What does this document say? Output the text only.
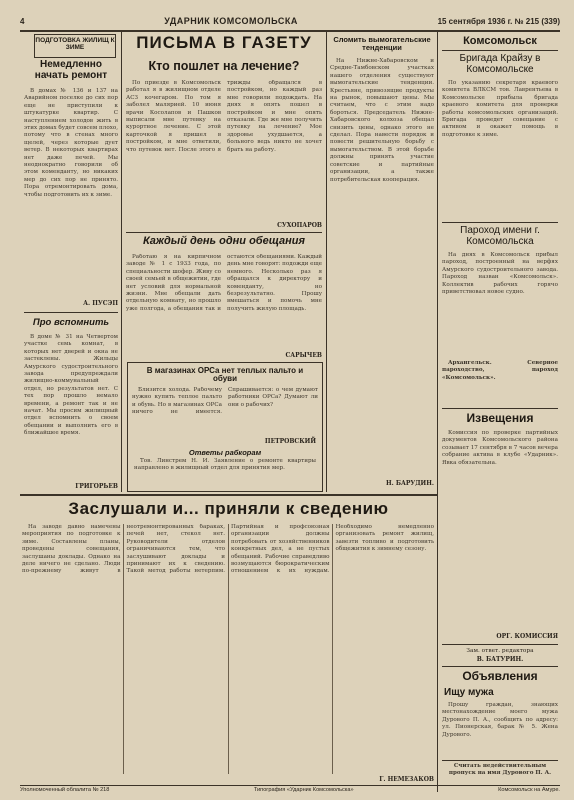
4	УДАРНИК КОМСОМОЛЬСКА	15 сентября 1936 г. № 215 (339)
ПОДГОТОВКА ЖИЛИЩ К ЗИМЕ
Немедленно начать ремонт

В домах № 136 и 137 на Аварийном поселке до сих пор еще не приступили к штукатурке квартир. С наступлением холодов жить в этих домах будет совсем плохо, потому что в стенах много щелей, через которые дует ветер. В некоторых квартирах нет даже печей. Мы неоднократно говорили об этом коменданту, но никаких мер до сих пор не принято. Пора отремонтировать дома, чтобы подготовить их к зиме.

А. ПУСЭП
Про вспомнить

В доме № 31 на Четвертом участке семь комнат, в которых нет дверей и окна не застеклены. Жильцы Амурского судостроительного завода предупреждали жилищно-коммунальный отдел, но результатов нет. С тех пор прошло немало времени, а ремонт так и не начат. Мы просим жилищный отдел вспомнить о своем обещании и выполнить его в ближайшее время.

ГРИГОРЬЕВ
ПИСЬМА В ГАЗЕТУ
Кто пошлет на лечение?

По приезде в Комсомольск работал я в жилищном отделе АСЗ кочегаром. По том я заболел малярией. 10 июня врачи Косолапов и Пашков выписали мне путевку на курортное лечение. С этой карточкой я пришел в постройком, и мне ответили, что путевок нет. После этого я трижды обращался в постройком, но каждый раз мне говорили подождать. На днях я опять пошел в постройком и мне опять отказали. Где же мне получить путевку на лечение? Мое здоровье ухудшается, а больного ведь никто не хочет брать на работу.

СУХОПАРОВ
Каждый день одни обещания

Работаю я на кирпичном заводе № 1 с 1933 года, по специальности шофер. Живу со своей семьей в общежитии, где нет условий для нормальной жизни. Мне обещали дать отдельную комнату, но прошло уже полгода, а обещания так и остаются обещаниями. Каждый день мне говорят: подожди еще немного. Несколько раз я обращался к директору и коменданту, но безрезультатно. Прошу вмешаться и помочь мне получить жилую площадь.

САРЫЧЕВ
В магазинах ОРСа нет теплых пальто и обуви

Близится холода. Рабочему нужно купить теплое пальто и обувь. Но в магазинах ОРСа ничего не имеется. Спрашивается: о чем думают работники ОРСа? Думают ли они о рабочих?

ПЕТРОВСКИЙ
Ответы рабкорам

Тов. Линстрем Н. И. Заявление о ремонте квартиры направлено в жилищный отдел для принятия мер.

Сломить вымогательские тенденции

На Нижне-Хабаровском и Средне-Тамбовском участках нашего отделения существуют вымогательские тенденции. Крестьяне, привозящие продукты на рынок, повышают цены. Мы считаем, что с этим надо бороться. Председатель Нижне-Хабаровского колхоза обещал снизить цены, однако этого не сделал. Пора навести порядок и повести решительную борьбу с вымогательством. В этой борьбе должны принять участие советские и партийные организации, а также потребительская кооперация.

Н. БАРУДИН.
Комсомольск
Бригада Крайзу в Комсомольске

По указанию секретаря краевого комитета ВЛКСМ тов. Лаврентьева в Комсомольске прибыла бригада краевого комитета для проверки работы комсомольских организаций. Бригада проведет совещание с активом и окажет помощь в подготовке к зиме.

Пароход имени г. Комсомольска

На днях в Комсомольск прибыл пароход, построенный на верфях Амурского судостроительного завода. Пароход назван «Комсомольск». Коллектив рабочих горячо приветствовал новое судно.

Архангельск. Северное пароходство, пароход «Комсомольск».

Извещения

Комиссия по проверке партийных документов Комсомольского района созывает 17 сентября в 7 часов вечера собрание актива в клубе «Ударник». Явка обязательна.

ОРГ. КОМИССИЯ
Зам. ответ. редактора
В. БАТУРИН.
Объявления
Ищу мужа

Прошу граждан, знающих местонахождение моего мужа Дурового П. А., сообщить по адресу: ул. Пионерская, барак № 5. Жена Дурового.

Считать недействительным пропуск на имя Дурового П. А.
Заслушали и... приняли к сведению

На заводе давно намечены мероприятия по подготовке к зиме. Составлены планы, проведены совещания, заслушаны доклады. Однако на деле ничего не сделано. Люди по-прежнему живут в неотремонтированных бараках, печей нет, стекол нет. Руководители отделов ограничиваются тем, что заслушивают доклады и принимают их к сведению. Такой метод работы нетерпим. Партийная и профсоюзная организации должны потребовать от хозяйственников конкретных дел, а не пустых обещаний. Рабочие справедливо возмущаются бюрократическим отношением к их нуждам. Необходимо немедленно организовать ремонт жилищ, завезти топливо и подготовить общежития к зимнему сезону.

Г. НЕМЕЗАКОВ
Уполномоченный облалита № 218	Типография «Ударник Комсомольска»	Комсомольск на Амуре.
